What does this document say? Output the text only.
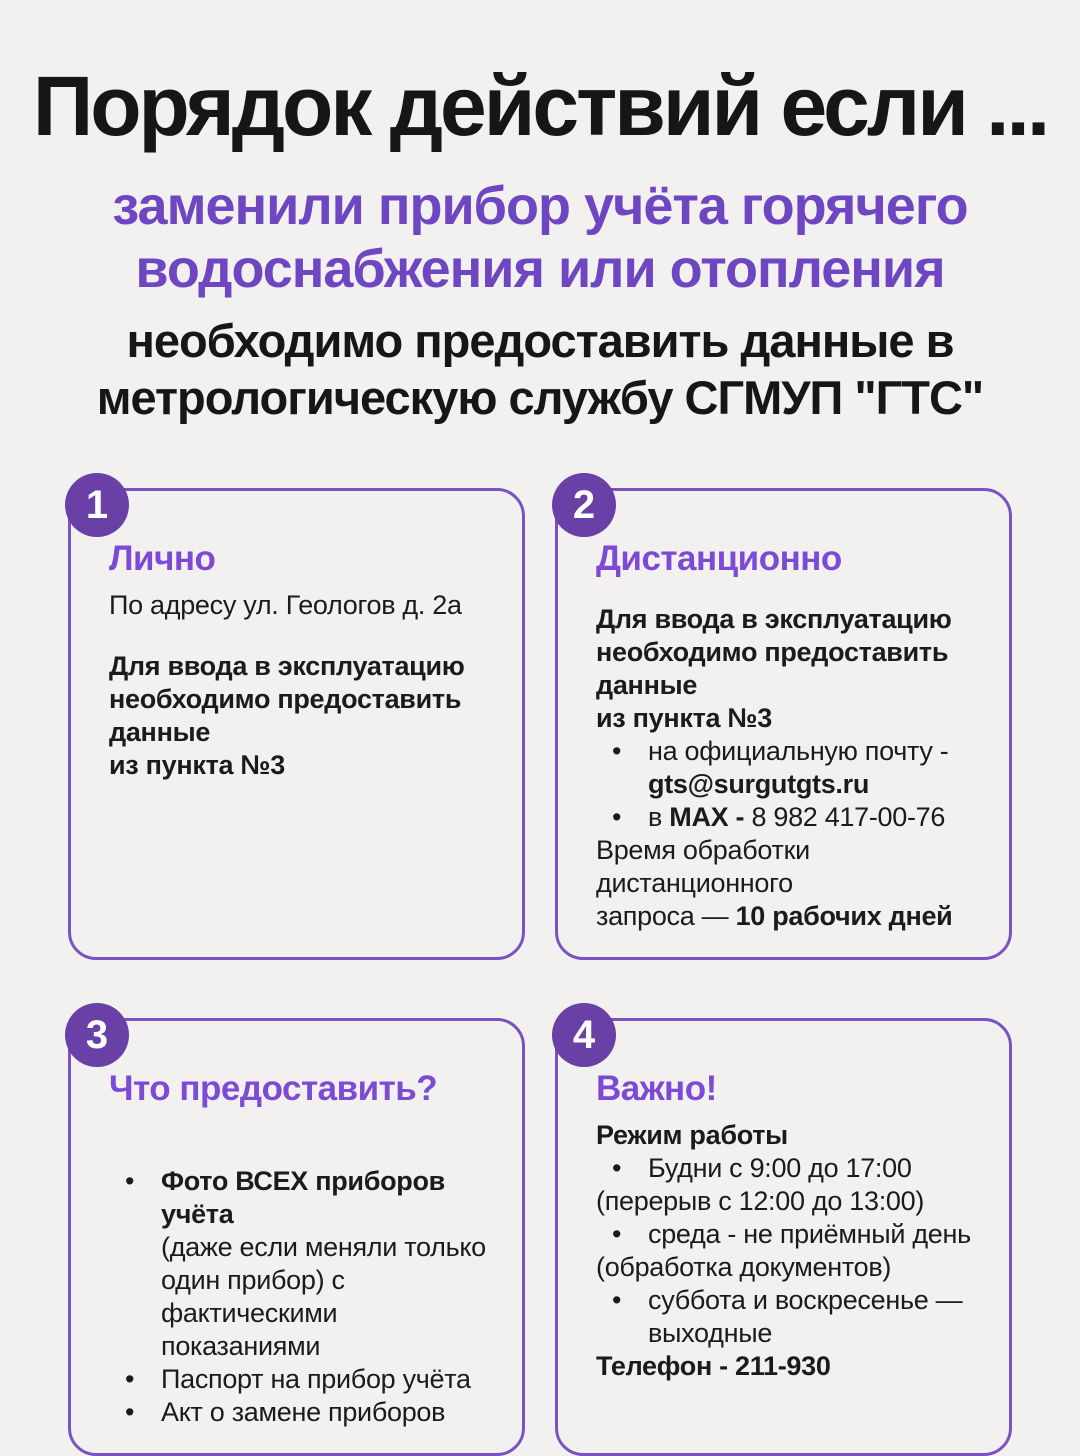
Порядок действий если ...
заменили прибор учёта горячего
водоснабжения или отопления
необходимо предоставить данные в
метрологическую службу СГМУП "ГТС"
1
Лично
По адресу ул. Геологов д. 2а
Для ввода в эксплуатацию
необходимо предоставить данные
из пункта №3
2
Дистанционно
Для ввода в эксплуатацию
необходимо предоставить данные
из пункта №3
• на официальную почту -
gts@surgutgts.ru
• в MAX - 8 982 417-00-76
Время обработки дистанционного
запроса — 10 рабочих дней
3
Что предоставить?
• Фото ВСЕХ приборов учёта
(даже если меняли только
один прибор) с фактическими
показаниями
• Паспорт на прибор учёта
• Акт о замене приборов
4
Важно!
Режим работы
• Будни с 9:00 до 17:00
(перерыв с 12:00 до 13:00)
• среда - не приёмный день
(обработка документов)
• суббота и воскресенье —
выходные
Телефон - 211-930
